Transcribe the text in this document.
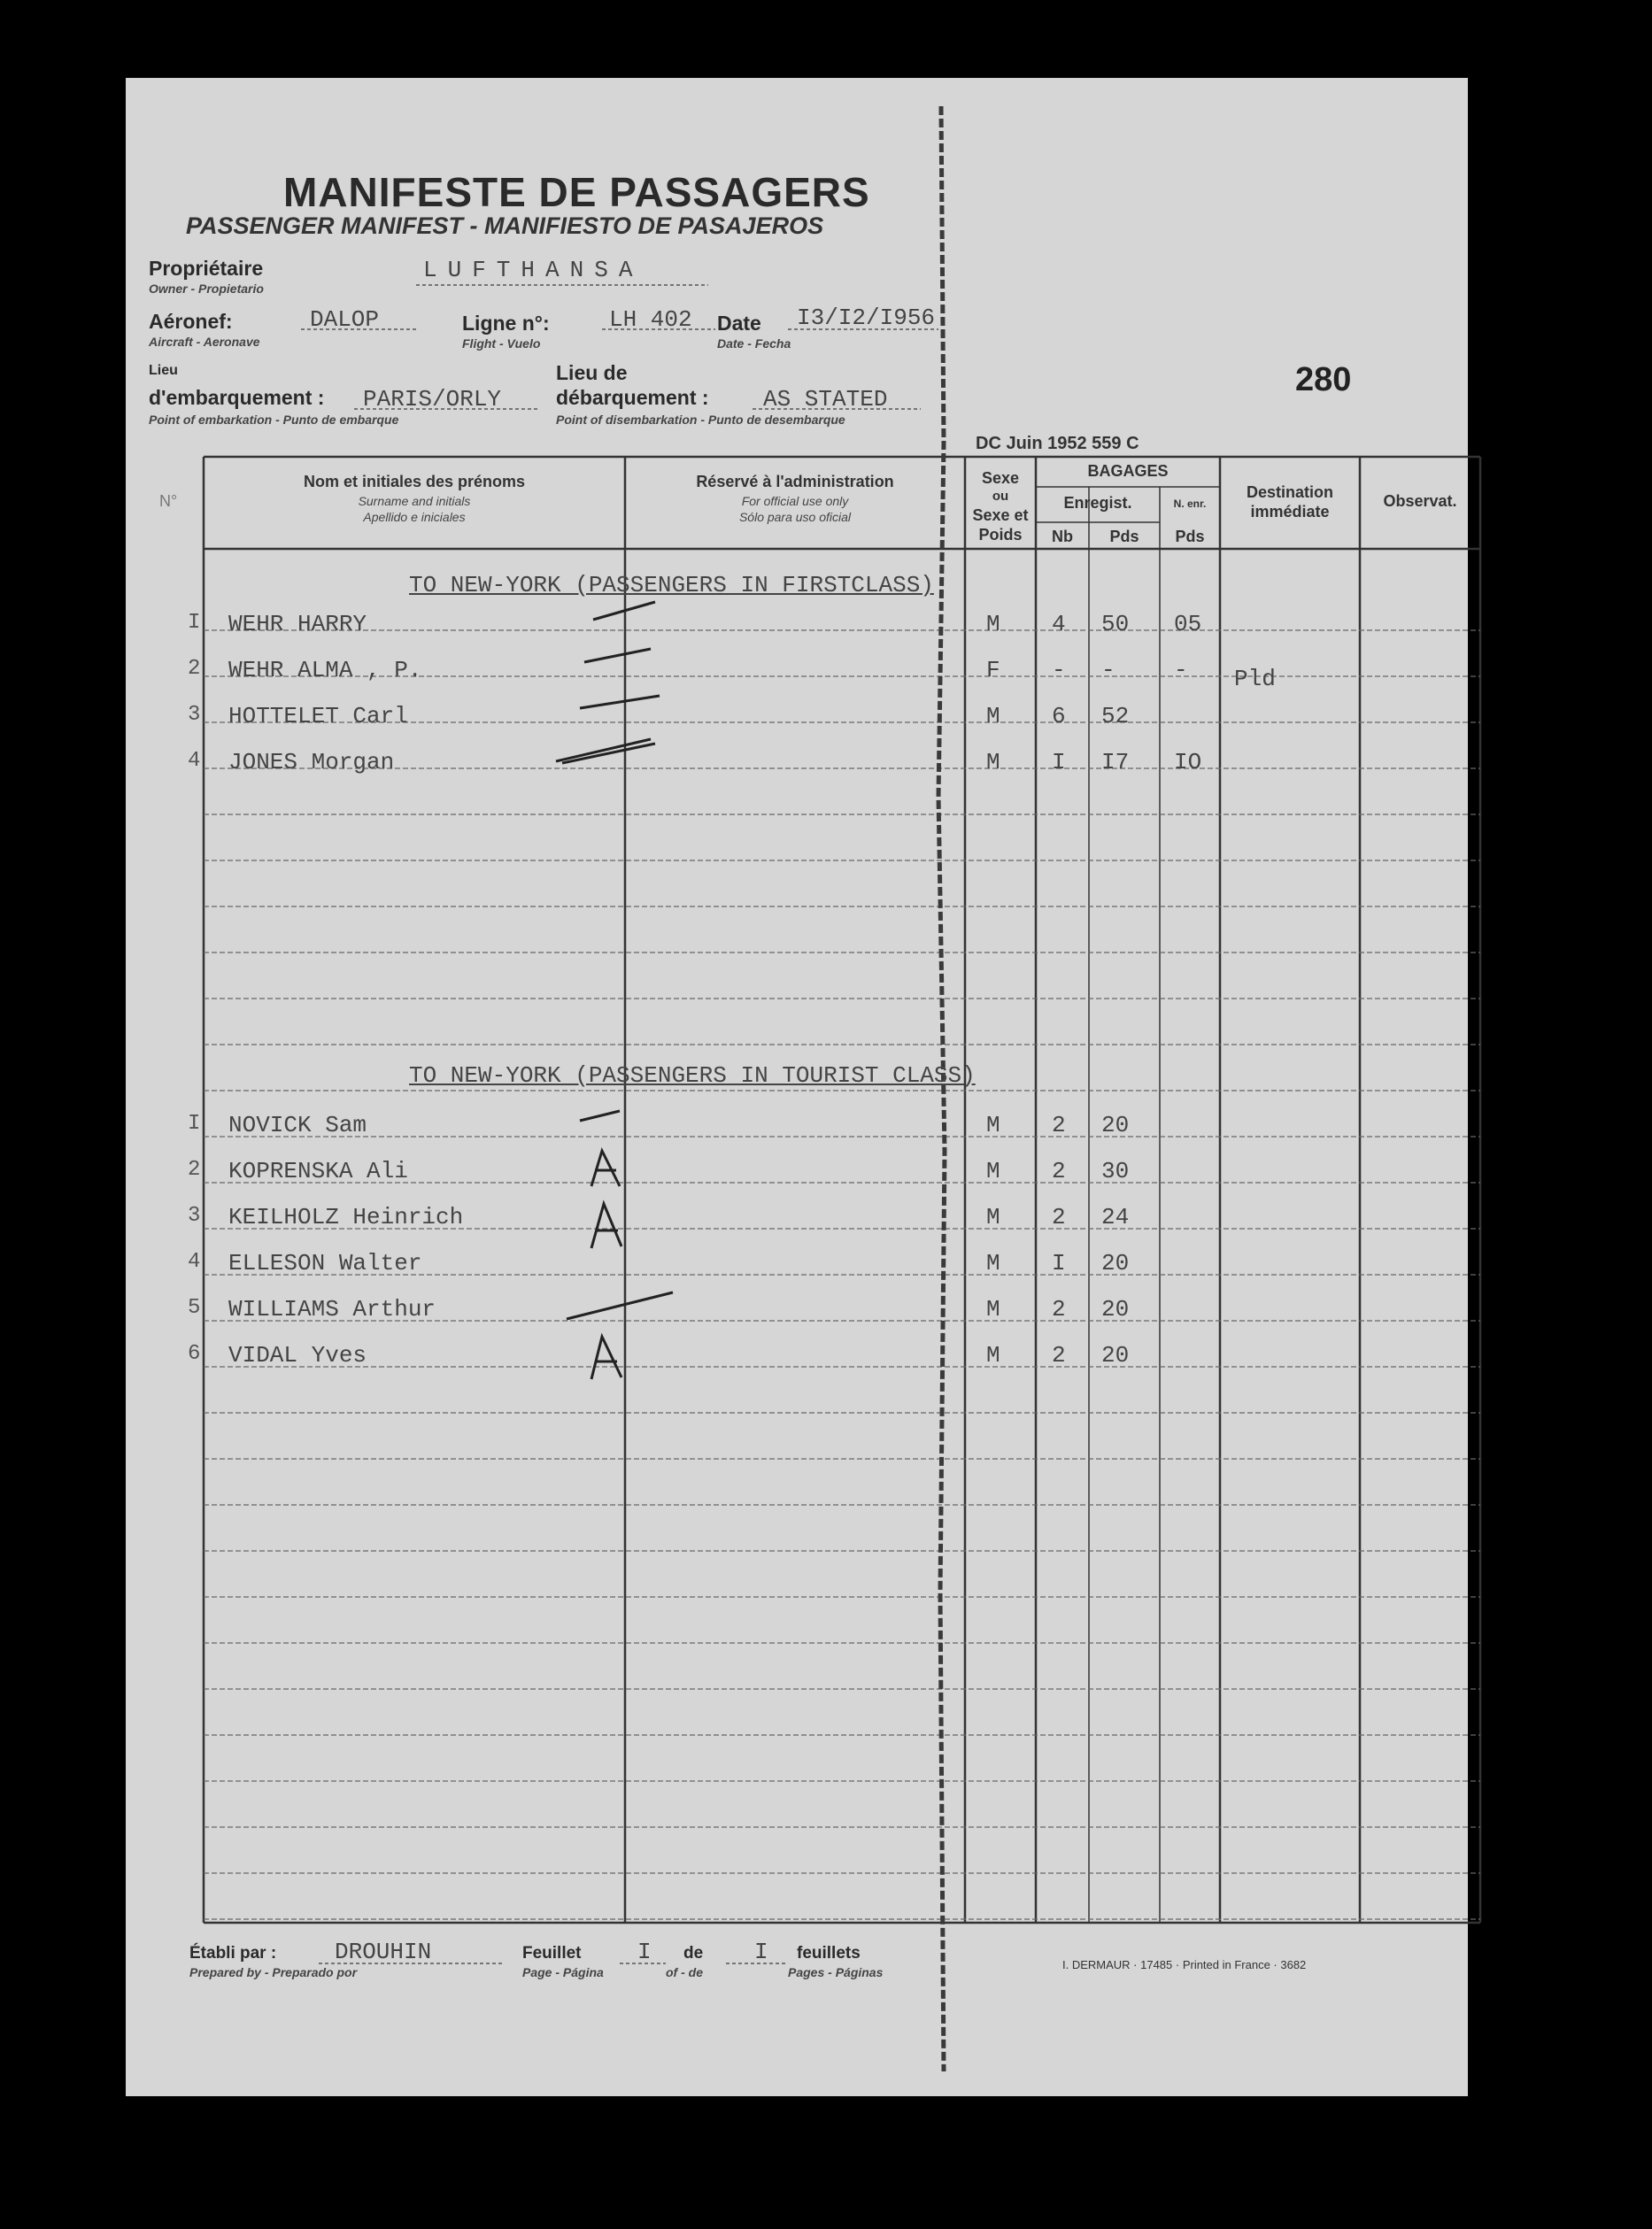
MANIFESTE DE PASSAGERS
PASSENGER MANIFEST - MANIFIESTO DE PASAJEROS
280
Propriétaire
Owner - Propietario
LUFTHANSA
Aéronef:
Aircraft - Aeronave
DALOP	Ligne n°:
Flight - Vuelo
LH 402 Date
Date - Fecha
I3/I2/I956
Lieu
d'embarquement :
Point of embarkation - Punto de embarque
PARIS/ORLY
Lieu de
débarquement :
Point of disembarkation - Punto de desembarque
AS STATED
DC Juin 1952 559 C
N°
Nom et initiales des prénoms
Surname and initials
Apellido e iniciales
Réservé à l'administration
For official use only
Sólo para uso oficial
Sexe
ou
Sexe et
Poids
BAGAGES
Enregist.	N. enr.
Nb	Pds	Pds
Destination
immédiate
Observat.
TO NEW-YORK (PASSENGERS IN FIRSTCLASS)
I WEHR HARRY	M 4 50 05
2 WEHR ALMA , P.	F - -	- Pld
3 HOTTELET Carl	M 6 52
4 JONES Morgan	M I I7 IO
TO NEW-YORK (PASSENGERS IN TOURIST CLASS)
I NOVICK Sam	M 2 20
2 KOPRENSKA Ali	M 2 30
3 KEILHOLZ Heinrich	M 2 24
4 ELLESON Walter	M I 20
5 WILLIAMS Arthur	M 2 20
6 VIDAL Yves	M 2 20
Établi par :
Prepared by - Preparado por
DROUHIN	Feuillet I de I feuillets
Page - Página	of - de	Pages - Páginas
I. DERMAUR · 17485 · Printed in France · 3682
